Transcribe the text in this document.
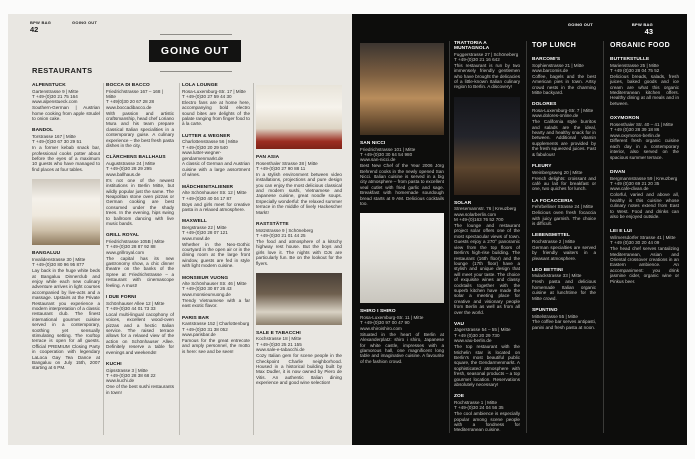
BPW BAG
42
GOING OUT
GOING OUT
RESTAURANTS
ALPENSTÜCK
Gartenstrasse 9 | Mitte
T +49-(0)30 21 75 164
www.alpenstueck.com
Southern-German | Austrian home cooking from apple strudel to onion cake.
BANDOL
Torstrasse 167 | Mitte
T +49-(0)30 67 30 29 51
In a former kebab snack bar, professional cooks potter about before the eyes of a maximum 10 guests who have managed to find places at four tables.
BANGALUU
Invalidenstrasse 30 | Mitte
T +49-(0)30 80 96 95 877
Lay back in the huge white beds at Bangaluu Dinnerclub and enjoy while each new culinary adventure arrives in light courses accompanied by live-acts and a massage. Upstairs at the Private Restaurant you experience a modern interpretation of a classic restaurant club. The finest international gourmet cuisine served in a contemporary, soothing yet sensually stimulating setting. The rooftop terrace is open for all guests. Official PREMIUM Closing Party in cooperation with legendary LaLoca Gay Tea Dance at Bangaluu on July 15th, 2007 starting at 6 PM.
BOCCA DI BACCO
Friedrichstrasse 167 – 168 | Mitte
T +49(0)30 20 67 28 28
www.boccadibacco.de
With passion and artistic craftsmanship, head chef Loriano Mura and his team prepare classical Italian specialities in a contemporary guise. A culinary experience – the best fresh pasta dishes in the city.
CLÄRCHENS BALLHAUS
Auguststrasse 24 | Mitte
T +49-(0)30 28 29 295
www.ballhaus.de
It's not one of the newest institutions in Berlin Mitte, but wildly popular just the same. The Neapolitan stone oven pizzas or German cooking are best consumed under the shady trees. In the evening, hips swing to ballroom dancing with live music bands.
GRILL ROYAL
Friedrichstrasse 105B | Mitte
T +49-(0)30 28 87 92 88
www.grillroyal.com
The capital has its new gastronomy show, a chic dinner theatre on the banks of the Spree at Friedrichstrasse – a restaurant with cinemascope feeling. A must!
I DUE FORNI
Schönhauser Allee 12 | Mitte
T +49-(0)30 44 01 73 33
Local multi-lingual cacophony of voices, excellent wood-oven pizzas and a hectic Italian service. The raised terrace allows for a relaxed view of the action on Schönhauser Allee. Definitely reserve a table for evenings and weekends!
KUCHI
Gipsstrasse 3 | Mitte
T +49-(0)30 28 38 68 22
www.kuchi.de
One of the best sushi restaurants in town!
LOLA LOUNGE
Rosa-Luxemburg-Str. 17 | Mitte
T +49-(0)30 27 59 44 30
Electro fans are at home here, accompanying bold electro sound bites are delights of the palate ranging from finger food to à la carte.
LUTTER & WEGNER
Charlottenstrasse 56 | Mitte
T +49-(0)30 20 29 540
www.lutter-wegner-gendarmenmarkt.de
A classic of German and Austrian cuisine with a large assortment of wines.
MÄDCHENITALIENER
Alte Schönhauser Str. 12 | Mitte
T +49-(0)30 40 04 17 87
Boys and girls meet for creative pasta in a relaxed atmosphere.
MAXWELL
Bergstrasse 22 | Mitte
T +49-(0)30 28 07 121
www.mxwl.de
Whether in the Neo-Gothic courtyard in the open air or in the dining room at the large front window, guests are fed in style with light modern cuisine.
MONSIEUR VUONG
Alte Schönhauser Str. 46 | Mitte
T +49-(0)30 30 87 26 43
www.monsieurvuong.de
Trendy Vietnamese with a far east exotic flavor.
PARIS BAR
Kantstrasse 152 | Charlottenburg
T +49-(0)30 31 38 052
www.parisbar.de
Famous for the great entrecote and amply personnel, the motto is here: see and be seen!
PAN ASIA
Rosenthaler Strasse 38 | Mitte
T +49-(0)30 27 90 88 11
In a stylish environment between video installations, projections and pure design you can enjoy the most delicious classical and modern sushi, Vietnamese and Japanese cuisine, great noodle soups. Especially wonderful: the relaxed summer terrace in the middle of lively Hackescher Markt!
RASTSTÄTTE
Motzstrasse 9 | Schöneberg
T +49-(0)30 21 01 44 25
The food and atmosphere of a kitschy highway rest house. But the boys and girls love it. The nights with DJs are particularly fun. Be on the lookout for the flyers.
SALE E TABACCHI
Kochstrasse 18 | Mitte
T +49-(0)30 25 21 155
www.sale-e-tabacchi.de
Cozy Italian gem for scene people in the Checkpoint Charlie neighborhood. Housed in a historical building built by Max Dudler, it is now owned by Piero de Vitis. An authentic Italian dining experience and good wine selection!
GOING OUT	BPW BAG
43
SAN NICCI
Friedrichstrasse 101 | Mitte
T +49-(0)30 30 64 54 980
www.san-nicci.de
Best New Chef of the Year 2006 Jörg Behrend cooks in the newly opened San Nicci. Italian cuisine is served in a big city atmosphere – from pasta to excellent veal cutlet with fried garlic and sage. Breakfast with homemade sourdough bread starts at 9 AM. Delicious cocktails too.
SHIRO I SHIRO
Rosa-Luxemburg-Str. 11 | Mitte
T +49-(0)30 97 00 47 90
www.shiroishiro.com
Situated in the heart of Berlin at Alexanderplatz: shiro i shiro, Japanese for white castle, impresses with a glamorous hall, one magnificent long table and imaginative cuisine. A favourite of the fashion crowd.
TRATTORIA A MUNTAGNOLA
Fuggerstrasse 27 | Schöneberg
T +49-(0)30 21 16 642
This restaurant is run by two immensely friendly gentlemen who have brought the delicacies of a little-known Italian culinary region to Berlin. A discovery!
SOLAR
Stresemannstr. 76 | Kreuzberg
www.solarberlin.com
M +49-(0)163 76 52 700
The lounge and restaurant project solar offers one of the most spectacular views of town. Guests enjoy a 270° panoramic view from the top floors of Berlin's high-rise building. The restaurant (16th floor) and the lounge (17th floor) have a stylish and unique design that will meet your taste. The choice of exquisite wines and classy cocktails together with the superb kitchen have made the solar a meeting place for creative and visionary people from Berlin as well as from all over the world.
VAU
Jägerstrasse 54 – 55 | Mitte
T +49 (0)30 20 29 730
www.vau-berlin.de
The top restaurant with the Michelin star is located on Berlin's most beautiful public square, the Gendarmenmarkt. A sophisticated atmosphere with fresh, seasonal products – a top gourmet location. Reservations absolutely necessary!
ZOE
Rochstrasse 1 | Mitte
T +49-(0)30 24 04 56 35
The cool ambience is especially popular among scene people with a fondness for Mediterranean cuisine.
TOP LUNCH
BARCOMI'S
Sophienstrasse 21 | Mitte
www.barcomis.de
Coffee, bagels and the best American pies in town. Artsy crowd nests in the charming Mitte backyard.
DOLORES
Rosa-Luxemburg-Str. 7 | Mitte
www.dolores-online.de
The California style burritos and salads are the ideal, hearty and healthy snack for in between. Additional vitamin supplements are provided by the fresh squeezed juices. Fast & fabulous!
FLEURY
Weinbergsweg 20 | Mitte
French delights: croissant and café au lait for breakfast or one, two quiches for lunch.
LA FOCACCERIA
Fehrbelliner Strasse 24 | Mitte
Delicious oven fresh focaccia with juicy garnish. The choice is difficult.
LEBENSMITTEL
Rochstrasse 2 | Mitte
German specialties are served by friendly waiters in a pleasant atmosphere.
LEO BETTINI
Mulackstrasse 33 | Mitte
Fresh pasta and delicious homemade Italian organic cuisine at lunchtime for the Mitte crowd.
SPUNTINO
Mittelstrasse 55 | Mitte
The coffee bar serves antipasti, panini and fresh pasta at noon.
ORGANIC FOOD
BUTTERSTULLE
Marienstrasse 25 | Mitte
T +49 (0)30 28 04 75 52
Delicious breads, salads, fresh juices, baked goods and ice cream are what this organic Mediterranean kitchen offers. Healthy dining at all meals and in between.
OXYMORON
Rosenthaler Str. 40 – 41 | Mitte
T +49 (0)30 28 39 18 86
www.oxymoron-berlin.de
Different fresh organic cuisine each day in a contemporary interior, also served on the spacious summer terrace.
DIVAN
Bergmannstrasse 59 | Kreuzberg
T +49 (0)30 69 21 20 35
www.cafe-divan.de
Colorful, varied and above all, healthy is this cuisine whose culinary notes extend from East to West. Food and drinks can also be enjoyed outside.
LEI E LUI
Wilmersdorfer Strasse 41 | Mitte
T +49 (0)30 30 20 44 09
The head chef serves tantalizing Mediterranean, Asian and Oriental crossover creations in an Eastern ambience. An accompaniment: you drink jasmine cider, organic wine or Pinkus beer.
